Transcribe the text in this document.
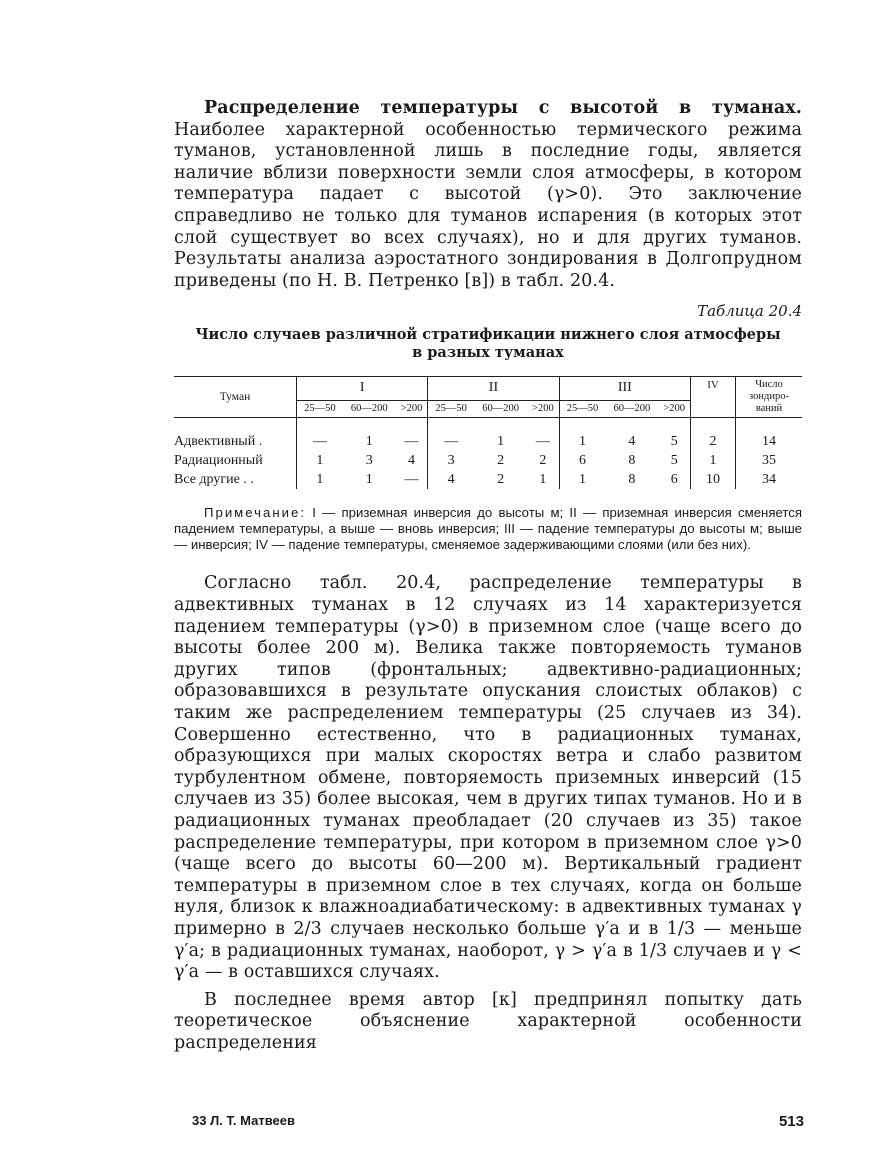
Распределение температуры с высотой в туманах. Наиболее характерной особенностью термического режима туманов, установленной лишь в последние годы, является наличие вблизи поверхности земли слоя атмосферы, в котором температура падает с высотой (γ>0). Это заключение справедливо не только для туманов испарения (в которых этот слой существует во всех случаях), но и для других туманов. Результаты анализа аэростатного зондирования в Долгопрудном приведены (по Н. В. Петренко [в]) в табл. 20.4.

Таблица 20.4
Число случаев различной стратификации нижнего слоя атмосферы
в разных туманах
Туман	I			II			III			IV	Число зондиро-ваний
	25—50	60—200	>200	25—50	60—200	>200	25—50	60—200	>200		

Адвективный .	—	1	—	—	1	—	1	4	5	2	14
Радиационный	1	3	4	3	2	2	6	8	5	1	35
Все другие . .	1	1	—	4	2	1	1	8	6	10	34

Примечание: I — приземная инверсия до высоты м; II — приземная инверсия сменяется падением температуры, а выше — вновь инверсия; III — падение температуры до высоты м; выше — инверсия; IV — падение температуры, сменяемое задерживающими слоями (или без них).

Согласно табл. 20.4, распределение температуры в адвективных туманах в 12 случаях из 14 характеризуется падением температуры (γ>0) в приземном слое (чаще всего до высоты более 200 м). Велика также повторяемость туманов других типов (фронтальных; адвективно-радиационных; образовавшихся в результате опускания слоистых облаков) с таким же распределением температуры (25 случаев из 34). Совершенно естественно, что в радиационных туманах, образующихся при малых скоростях ветра и слабо развитом турбулентном обмене, повторяемость приземных инверсий (15 случаев из 35) более высокая, чем в других типах туманов. Но и в радиационных туманах преобладает (20 случаев из 35) такое распределение температуры, при котором в приземном слое γ>0 (чаще всего до высоты 60—200 м). Вертикальный градиент температуры в приземном слое в тех случаях, когда он больше нуля, близок к влажноадиабатическому: в адвективных туманах γ примерно в 2/3 случаев несколько больше γ′а и в 1/3 — меньше γ′а; в радиационных туманах, наоборот, γ > γ′а в 1/3 случаев и γ < γ′а — в оставшихся случаях.

В последнее время автор [к] предпринял попытку дать теоретическое объяснение характерной особенности распределения

33 Л. Т. Матвеев	513
